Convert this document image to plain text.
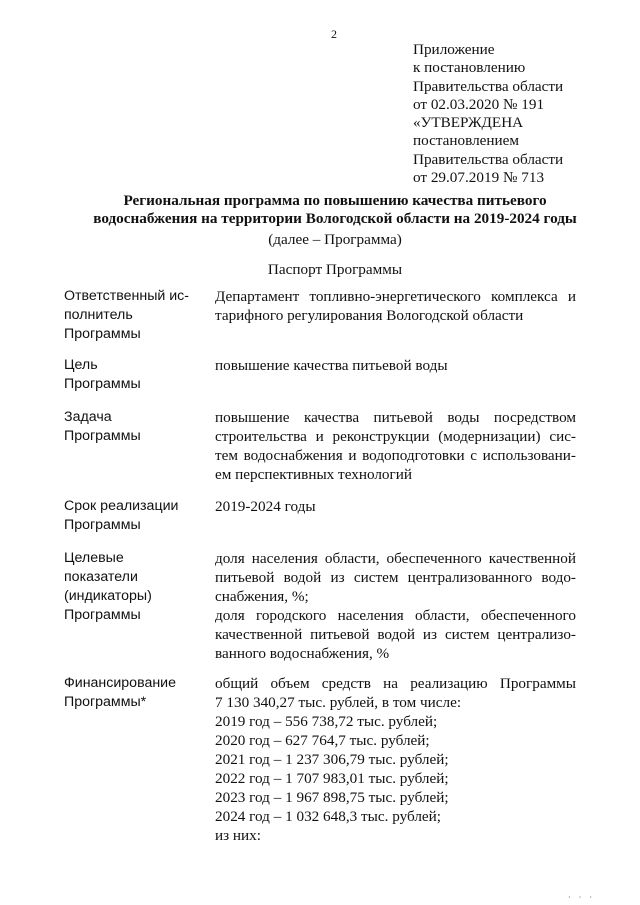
2
Приложение
к постановлению
Правительства области
от 02.03.2020 № 191
«УТВЕРЖДЕНА
постановлением
Правительства области
от 29.07.2019 № 713
Региональная программа по повышению качества питьевого
водоснабжения на территории Вологодской области на 2019-2024 годы
(далее – Программа)
Паспорт Программы
Ответственный ис-
полнитель
Программы
Департамент топливно-энергетического комплекса и
тарифного регулирования Вологодской области
Цель
Программы
повышение качества питьевой воды
Задача
Программы
повышение качества питьевой воды посредством
строительства и реконструкции (модернизации) сис-
тем водоснабжения и водоподготовки с использовани-
ем перспективных технологий
Срок реализации
Программы
2019-2024 годы
Целевые
показатели
(индикаторы)
Программы
доля населения области, обеспеченного качественной
питьевой водой из систем централизованного водо-
снабжения, %;
доля городского населения области, обеспеченного
качественной питьевой водой из систем централизо-
ванного водоснабжения, %
Финансирование
Программы*
общий объем средств на реализацию Программы
7 130 340,27 тыс. рублей, в том числе:
2019 год – 556 738,72 тыс. рублей;
2020 год – 627 764,7 тыс. рублей;
2021 год – 1 237 306,79 тыс. рублей;
2022 год – 1 707 983,01 тыс. рублей;
2023 год – 1 967 898,75 тыс. рублей;
2024 год – 1 032 648,3 тыс. рублей;
из них:
· · ·
